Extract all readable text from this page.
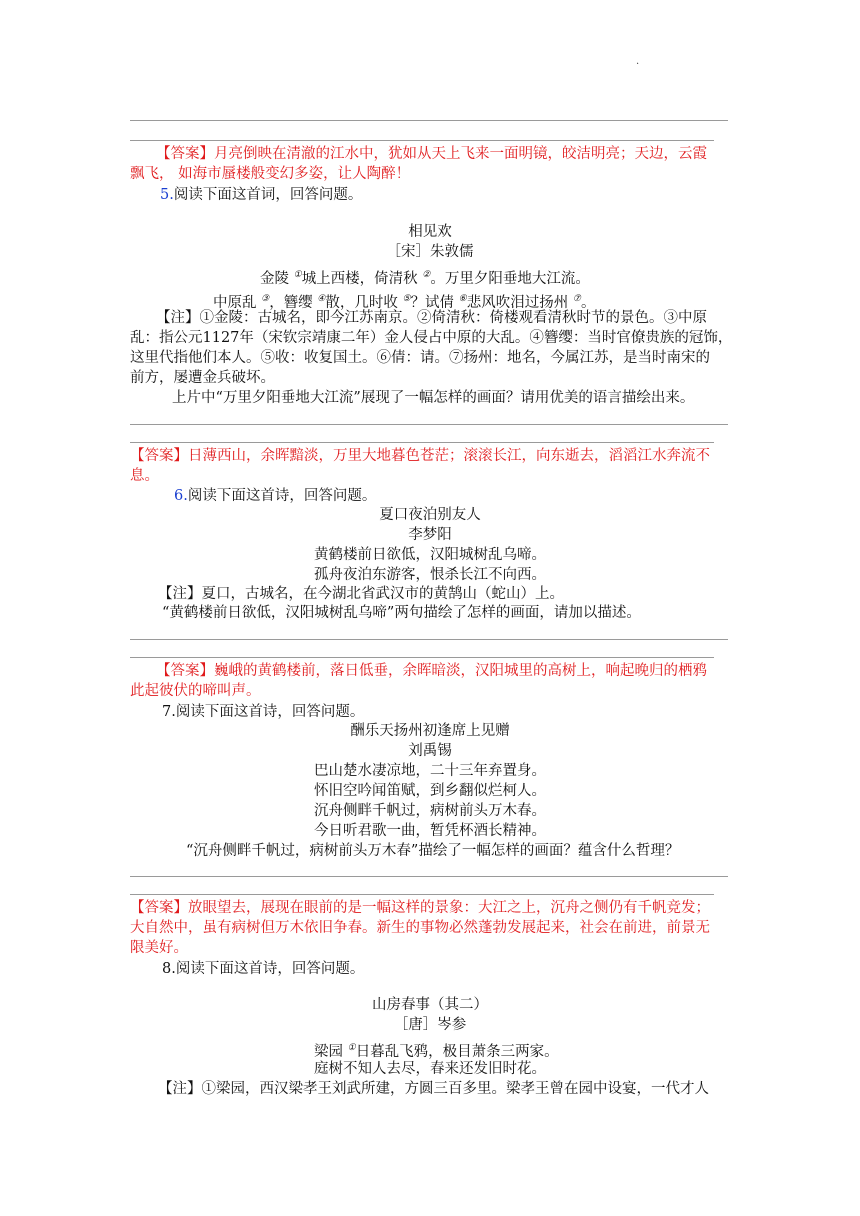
.
【答案】月亮倒映在清澈的江水中，犹如从天上飞来一面明镜，皎洁明亮；天边，云霞
飘飞， 如海市蜃楼般变幻多姿，让人陶醉！
5.阅读下面这首词，回答问题。
相见欢
［宋］朱敦儒
金陵 ①城上西楼，倚清秋 ②。万里夕阳垂地大江流。
中原乱 ③，簪缨 ④散，几时收 ⑤？试倩 ⑥悲风吹泪过扬州 ⑦。
【注】①金陵：古城名，即今江苏南京。②倚清秋：倚楼观看清秋时节的景色。③中原
乱：指公元1127年（宋钦宗靖康二年）金人侵占中原的大乱。④簪缨：当时官僚贵族的冠饰，
这里代指他们本人。⑤收：收复国土。⑥倩：请。⑦扬州：地名，今属江苏，是当时南宋的
前方，屡遭金兵破坏。
上片中“万里夕阳垂地大江流”展现了一幅怎样的画面？请用优美的语言描绘出来。
【答案】日薄西山，余晖黯淡，万里大地暮色苍茫；滚滚长江，向东逝去，滔滔江水奔流不
息。
6.阅读下面这首诗，回答问题。
夏口夜泊别友人
李梦阳
黄鹤楼前日欲低，汉阳城树乱乌啼。
孤舟夜泊东游客，恨杀长江不向西。
【注】夏口，古城名，在今湖北省武汉市的黄鹄山（蛇山）上。
“黄鹤楼前日欲低，汉阳城树乱乌啼”两句描绘了怎样的画面，请加以描述。
【答案】巍峨的黄鹤楼前，落日低垂，余晖暗淡，汉阳城里的高树上，响起晚归的栖鸦
此起彼伏的啼叫声。
7.阅读下面这首诗，回答问题。
酬乐天扬州初逢席上见赠
刘禹锡
巴山楚水凄凉地，二十三年弃置身。
怀旧空吟闻笛赋，到乡翻似烂柯人。
沉舟侧畔千帆过，病树前头万木春。
今日听君歌一曲，暂凭杯酒长精神。
“沉舟侧畔千帆过，病树前头万木春”描绘了一幅怎样的画面？蕴含什么哲理？
【答案】放眼望去，展现在眼前的是一幅这样的景象：大江之上，沉舟之侧仍有千帆竞发；
大自然中，虽有病树但万木依旧争春。新生的事物必然蓬勃发展起来，社会在前进，前景无
限美好。
8.阅读下面这首诗，回答问题。
山房春事（其二）
［唐］岑参
梁园 ①日暮乱飞鸦，极目萧条三两家。
庭树不知人去尽，春来还发旧时花。
【注】①梁园，西汉梁孝王刘武所建，方圆三百多里。梁孝王曾在园中设宴，一代才人
